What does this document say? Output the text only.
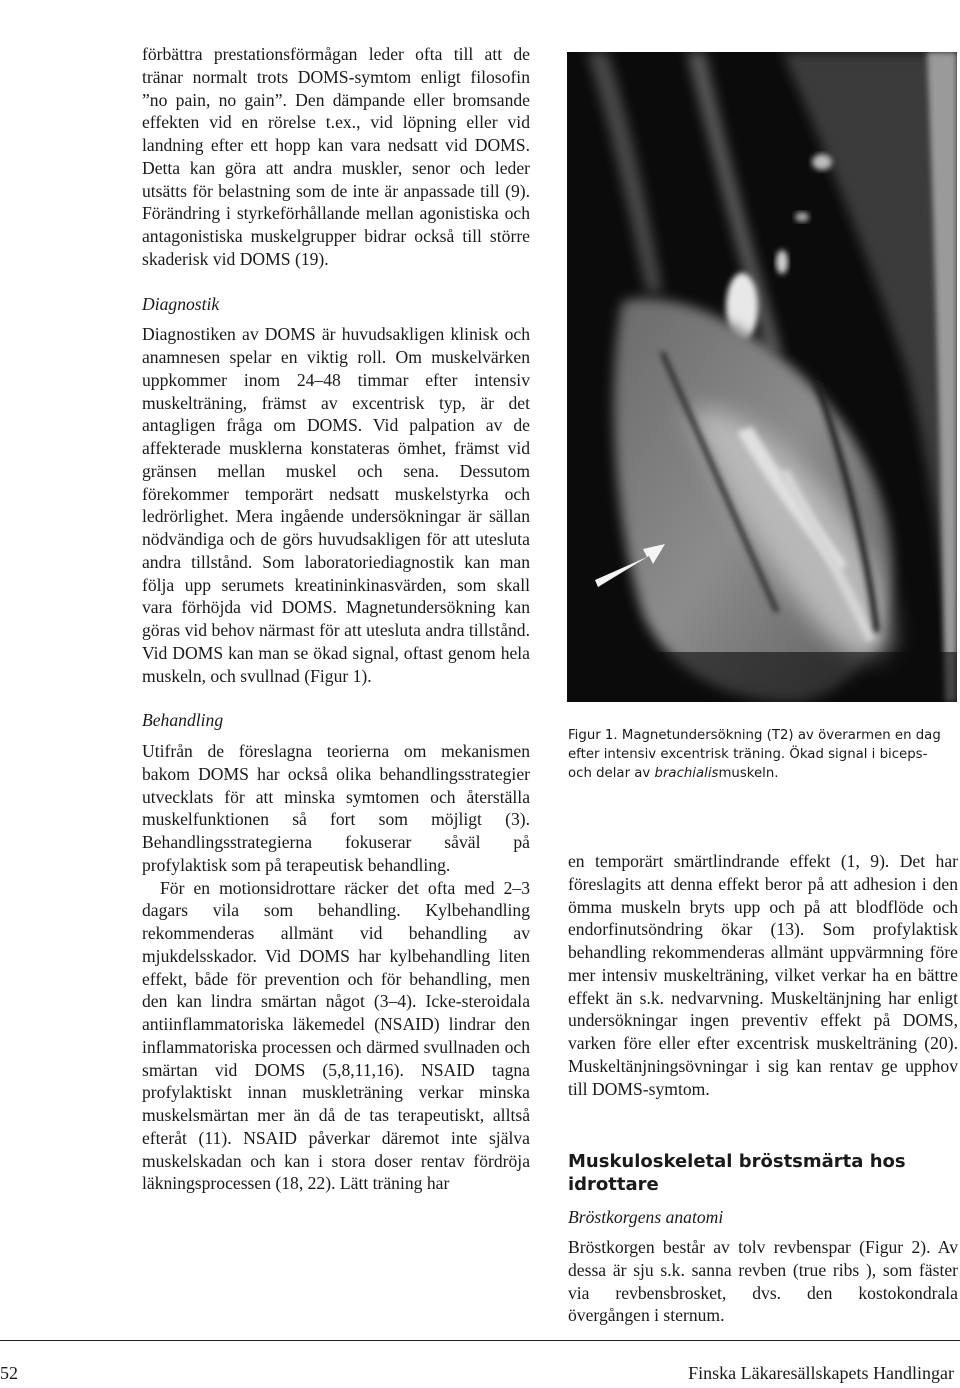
förbättra prestationsförmågan leder ofta till att de tränar normalt trots DOMS-symtom enligt filosofin ”no pain, no gain”. Den dämpande eller bromsande effekten vid en rörelse t.ex., vid löpning eller vid landning efter ett hopp kan vara nedsatt vid DOMS. Detta kan göra att andra muskler, senor och leder utsätts för belastning som de inte är anpassade till (9). Förändring i styrkeförhållande mellan agonistiska och antagonistiska muskelgrupper bidrar också till större skaderisk vid DOMS (19).

Diagnostik

Diagnostiken av DOMS är huvudsakligen klinisk och anamnesen spelar en viktig roll. Om muskelvärken uppkommer inom 24–48 timmar efter intensiv muskelträning, främst av excentrisk typ, är det antagligen fråga om DOMS. Vid palpation av de affekterade musklerna konstateras ömhet, främst vid gränsen mellan muskel och sena. Dessutom förekommer temporärt nedsatt muskelstyrka och ledrörlighet. Mera ingående undersökningar är sällan nödvändiga och de görs huvudsakligen för att utesluta andra tillstånd. Som laboratoriediagnostik kan man följa upp serumets kreatininkinasvärden, som skall vara förhöjda vid DOMS. Magnetundersökning kan göras vid behov närmast för att utesluta andra tillstånd. Vid DOMS kan man se ökad signal, oftast genom hela muskeln, och svullnad (Figur 1).

Behandling

Utifrån de föreslagna teorierna om mekanismen bakom DOMS har också olika behandlingsstrategier utvecklats för att minska symtomen och återställa muskelfunktionen så fort som möjligt (3). Behandlingsstrategierna fokuserar såväl på profylaktisk som på terapeutisk behandling.

För en motionsidrottare räcker det ofta med 2–3 dagars vila som behandling. Kylbehandling rekommenderas allmänt vid behandling av mjukdelsskador. Vid DOMS har kylbehandling liten effekt, både för prevention och för behandling, men den kan lindra smärtan något (3–4). Icke-steroidala antiinflammatoriska läkemedel (NSAID) lindrar den inflammatoriska processen och därmed svullnaden och smärtan vid DOMS (5,8,11,16). NSAID tagna profylaktiskt innan muskleträning verkar minska muskelsmärtan mer än då de tas terapeutiskt, alltså efteråt (11). NSAID påverkar däremot inte själva muskelskadan och kan i stora doser rentav fördröja läkningsprocessen (18, 22). Lätt träning har

Figur 1. Magnetundersökning (T2) av överarmen en dag efter intensiv excentrisk träning. Ökad signal i biceps- och delar av brachialismuskeln.

en temporärt smärtlindrande effekt (1, 9). Det har föreslagits att denna effekt beror på att adhesion i den ömma muskeln bryts upp och på att blodflöde och endorfinutsöndring ökar (13). Som profylaktisk behandling rekommenderas allmänt uppvärmning före mer intensiv muskelträning, vilket verkar ha en bättre effekt än s.k. nedvarvning. Muskeltänjning har enligt undersökningar ingen preventiv effekt på DOMS, varken före eller efter excentrisk muskelträning (20). Muskeltänjningsövningar i sig kan rentav ge upphov till DOMS-symtom.

Muskuloskeletal bröstsmärta hos idrottare

Bröstkorgens anatomi

Bröstkorgen består av tolv revbenspar (Figur 2). Av dessa är sju s.k. sanna revben (true ribs ), som fäster via revbensbrosket, dvs. den kostokondrala övergången i sternum.

52	Finska Läkaresällskapets Handlingar
